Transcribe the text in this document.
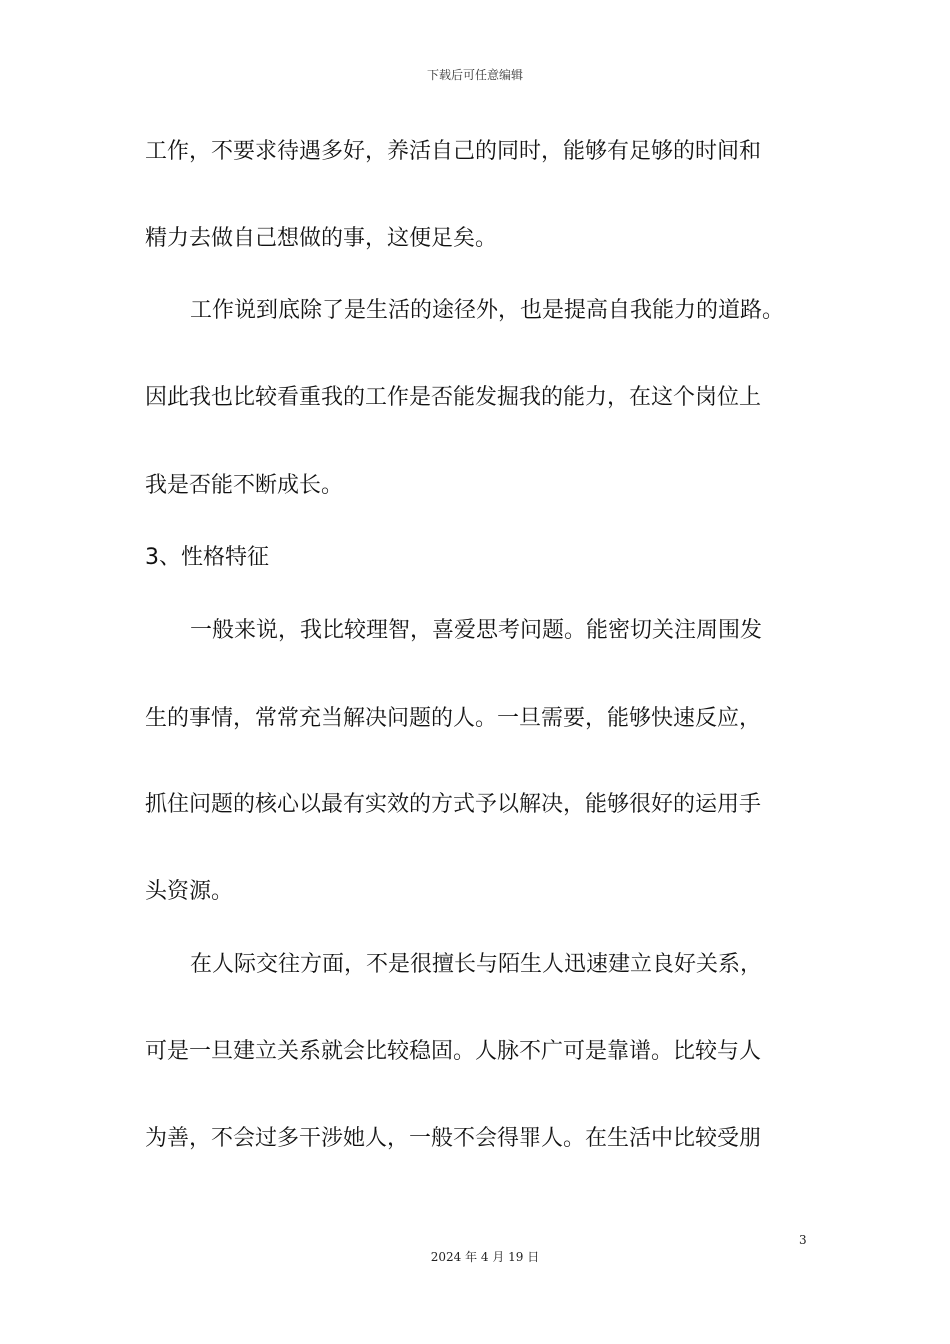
下载后可任意编辑
工作，不要求待遇多好，养活自己的同时，能够有足够的时间和
精力去做自己想做的事，这便足矣。
工作说到底除了是生活的途径外，也是提高自我能力的道路。
因此我也比较看重我的工作是否能发掘我的能力，在这个岗位上
我是否能不断成长。
3、性格特征
一般来说，我比较理智，喜爱思考问题。能密切关注周围发
生的事情，常常充当解决问题的人。一旦需要，能够快速反应，
抓住问题的核心以最有实效的方式予以解决，能够很好的运用手
头资源。
在人际交往方面，不是很擅长与陌生人迅速建立良好关系，
可是一旦建立关系就会比较稳固。人脉不广可是靠谱。比较与人
为善，不会过多干涉她人，一般不会得罪人。在生活中比较受朋
3
2024 年 4 月 19 日
